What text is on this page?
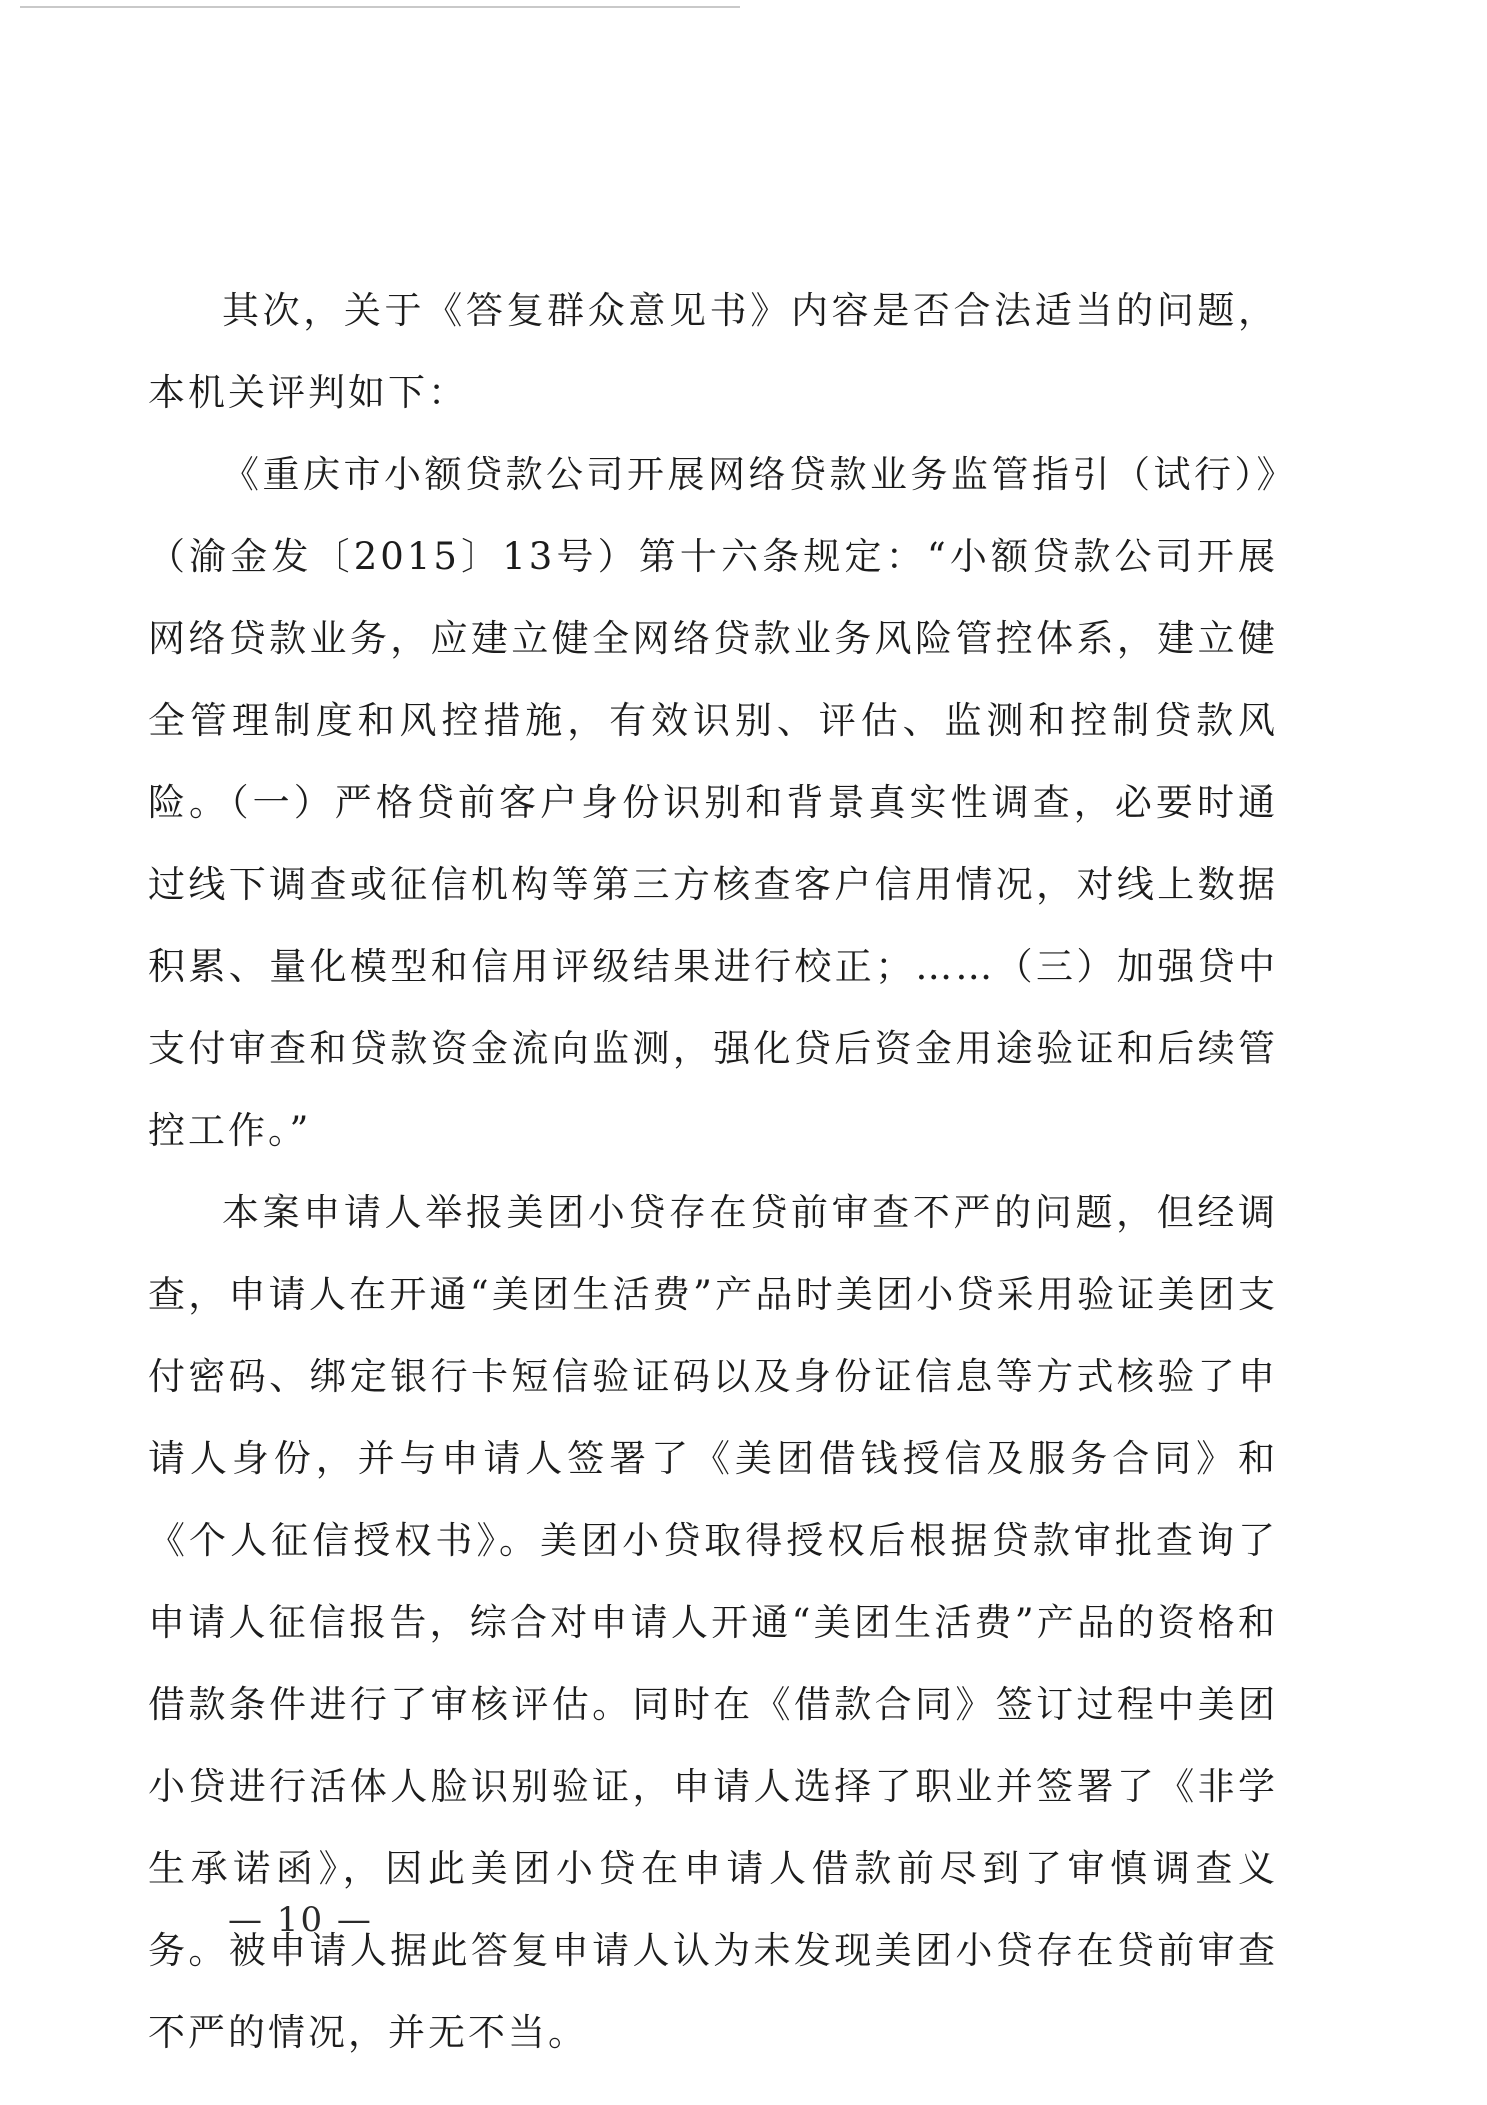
其次，关于《答复群众意见书》内容是否合法适当的问题，本机关评判如下：

《重庆市小额贷款公司开展网络贷款业务监管指引（试行）》（渝金发〔2015〕13号）第十六条规定：“小额贷款公司开展网络贷款业务，应建立健全网络贷款业务风险管控体系，建立健全管理制度和风控措施，有效识别、评估、监测和控制贷款风险。（一）严格贷前客户身份识别和背景真实性调查，必要时通过线下调查或征信机构等第三方核查客户信用情况，对线上数据积累、量化模型和信用评级结果进行校正；……（三）加强贷中支付审查和贷款资金流向监测，强化贷后资金用途验证和后续管控工作。”

本案申请人举报美团小贷存在贷前审查不严的问题，但经调查，申请人在开通“美团生活费”产品时美团小贷采用验证美团支付密码、绑定银行卡短信验证码以及身份证信息等方式核验了申请人身份，并与申请人签署了《美团借钱授信及服务合同》和《个人征信授权书》。美团小贷取得授权后根据贷款审批查询了申请人征信报告，综合对申请人开通“美团生活费”产品的资格和借款条件进行了审核评估。同时在《借款合同》签订过程中美团小贷进行活体人脸识别验证，申请人选择了职业并签署了《非学生承诺函》，因此美团小贷在申请人借款前尽到了审慎调查义务。被申请人据此答复申请人认为未发现美团小贷存在贷前审查不严的情况，并无不当。

— 10 —
